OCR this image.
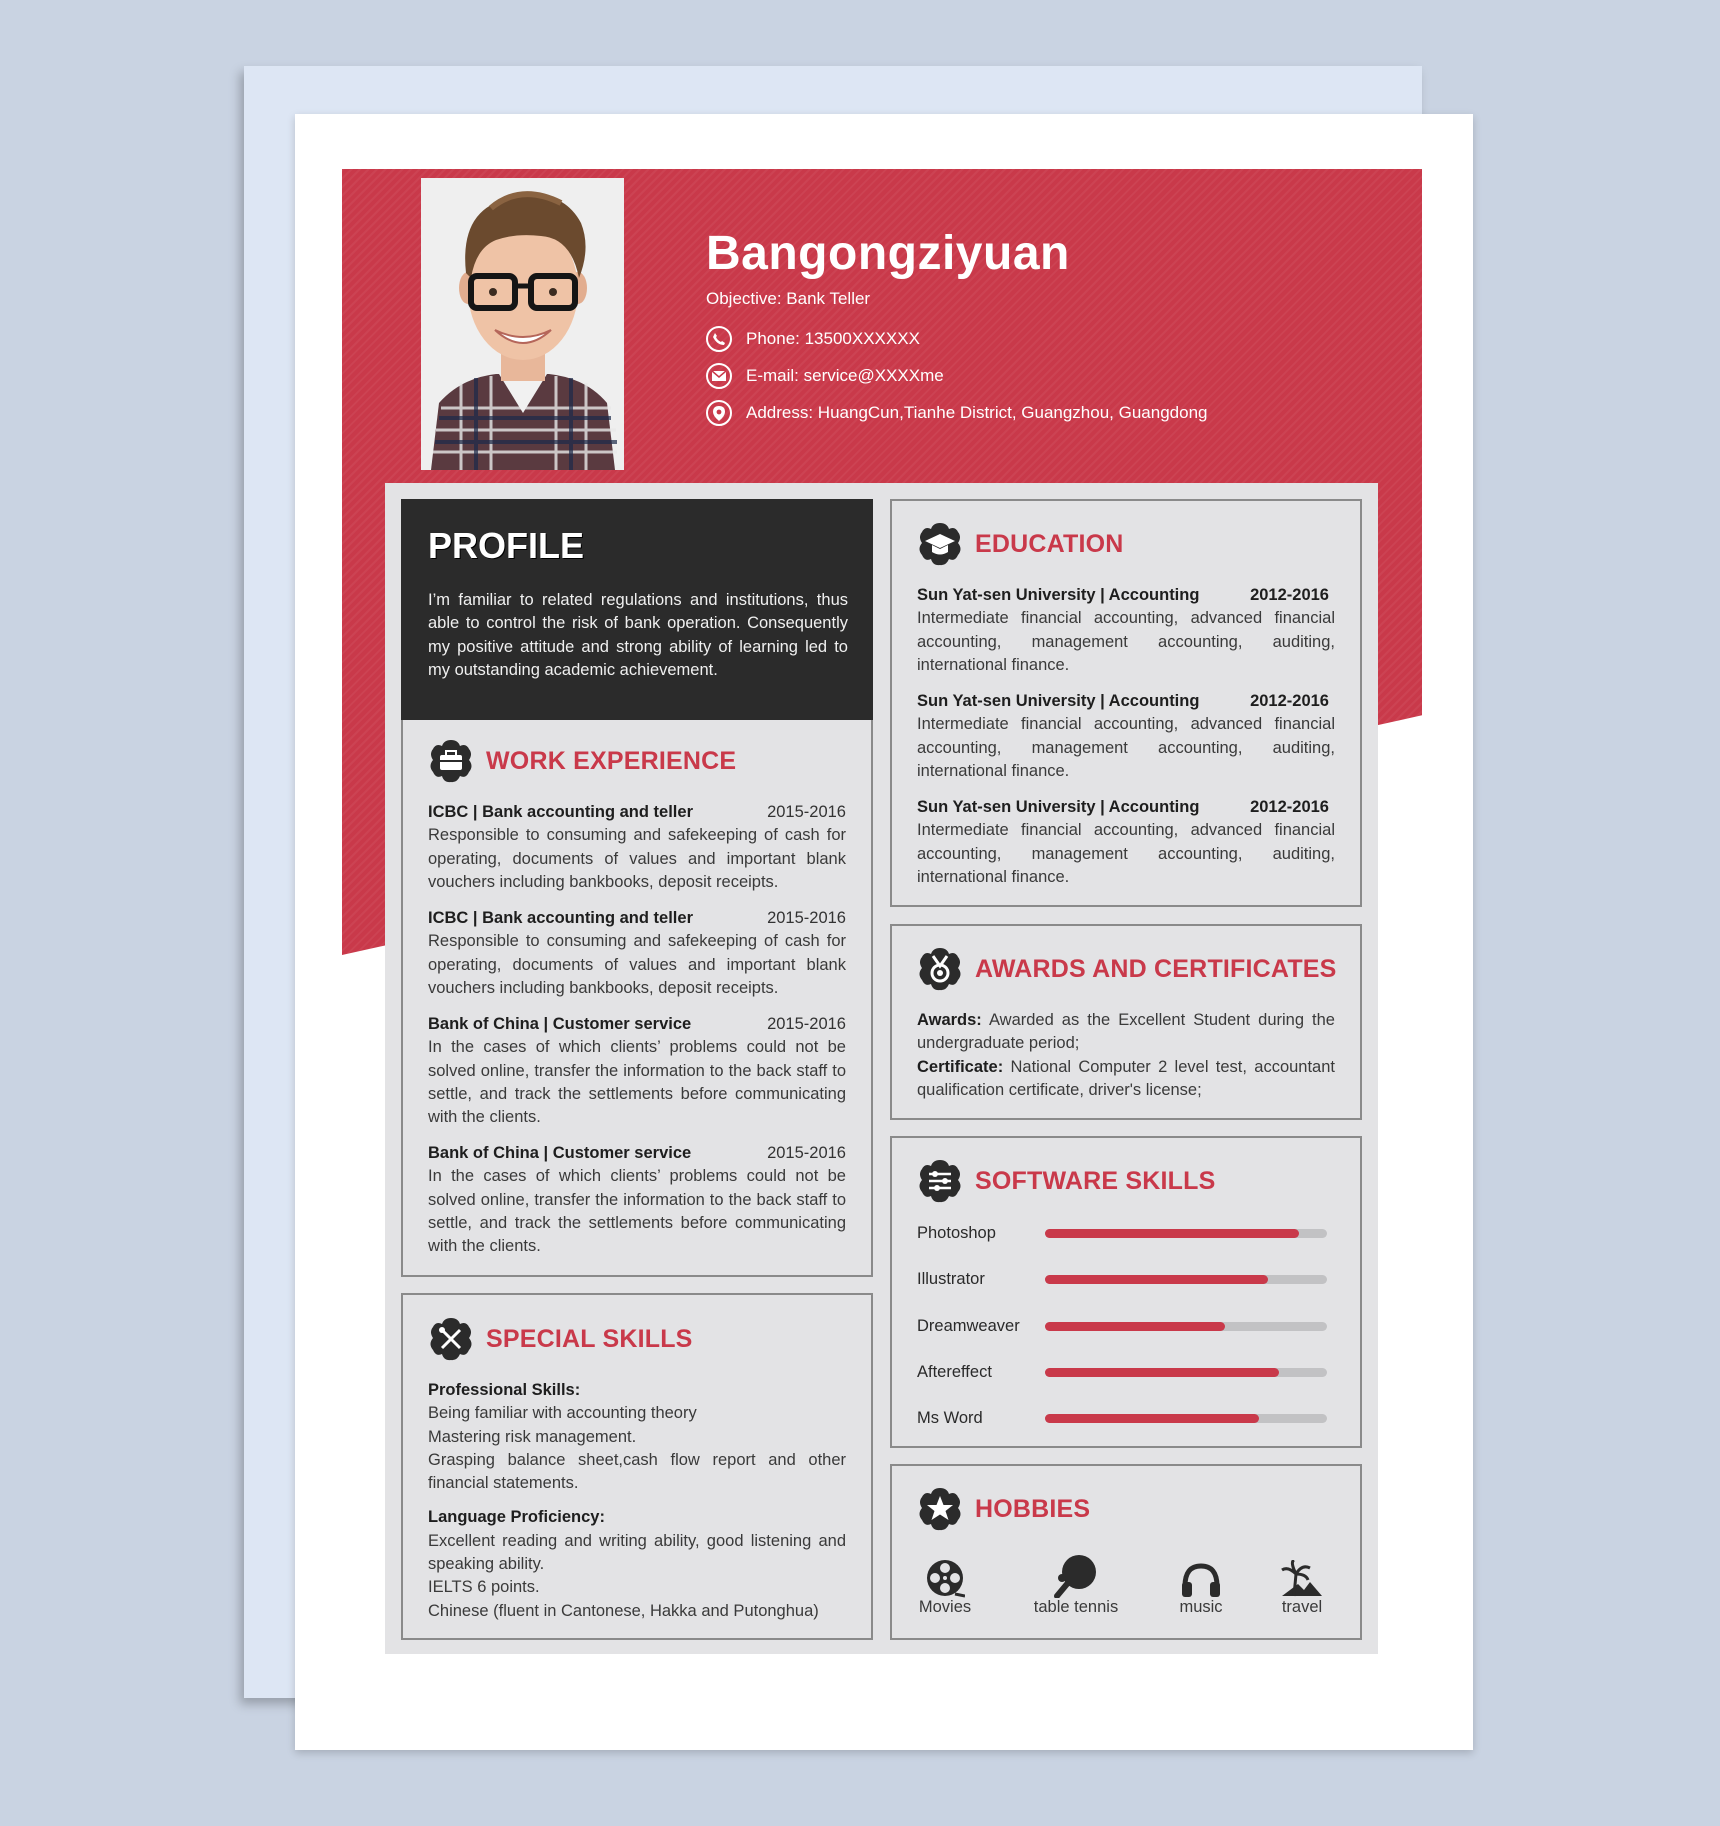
Bangongziyuan
Objective: Bank Teller
Phone: 13500XXXXXX
E-mail: service@XXXXme
Address: HuangCun,Tianhe District, Guangzhou, Guangdong
PROFILE
I’m familiar to related regulations and institutions, thus able to control the risk of bank operation. Consequently my positive attitude and strong ability of learning led to my outstanding academic achievement.
WORK EXPERIENCE
ICBC | Bank accounting and teller	2015-2016
Responsible to consuming and safekeeping of cash for operating, documents of values and important blank vouchers including bankbooks, deposit receipts.
ICBC | Bank accounting and teller	2015-2016
Responsible to consuming and safekeeping of cash for operating, documents of values and important blank vouchers including bankbooks, deposit receipts.
Bank of China | Customer service	2015-2016
In the cases of which clients’ problems could not be solved online, transfer the information to the back staff to settle, and track the settlements before communicating with the clients.
Bank of China | Customer service	2015-2016
In the cases of which clients’ problems could not be solved online, transfer the information to the back staff to settle, and track the settlements before communicating with the clients.
SPECIAL SKILLS
Professional Skills:
Being familiar with accounting theory
Mastering risk management.
Grasping balance sheet,cash flow report and other financial statements.
Language Proficiency:
Excellent reading and writing ability, good listening and speaking ability.
IELTS 6 points.
Chinese (fluent in Cantonese, Hakka and Putonghua)
EDUCATION
Sun Yat-sen University | Accounting	2012-2016
Intermediate financial accounting, advanced financial accounting, management accounting, auditing, international finance.
Sun Yat-sen University | Accounting	2012-2016
Intermediate financial accounting, advanced financial accounting, management accounting, auditing, international finance.
Sun Yat-sen University | Accounting	2012-2016
Intermediate financial accounting, advanced financial accounting, management accounting, auditing, international finance.
AWARDS AND CERTIFICATES
Awards: Awarded as the Excellent Student during the undergraduate period;
Certificate: National Computer 2 level test, accountant qualification certificate, driver's license;
SOFTWARE SKILLS
Photoshop
Illustrator
Dreamweaver
Aftereffect
Ms Word
HOBBIES
Movies	table tennis	music	travel
